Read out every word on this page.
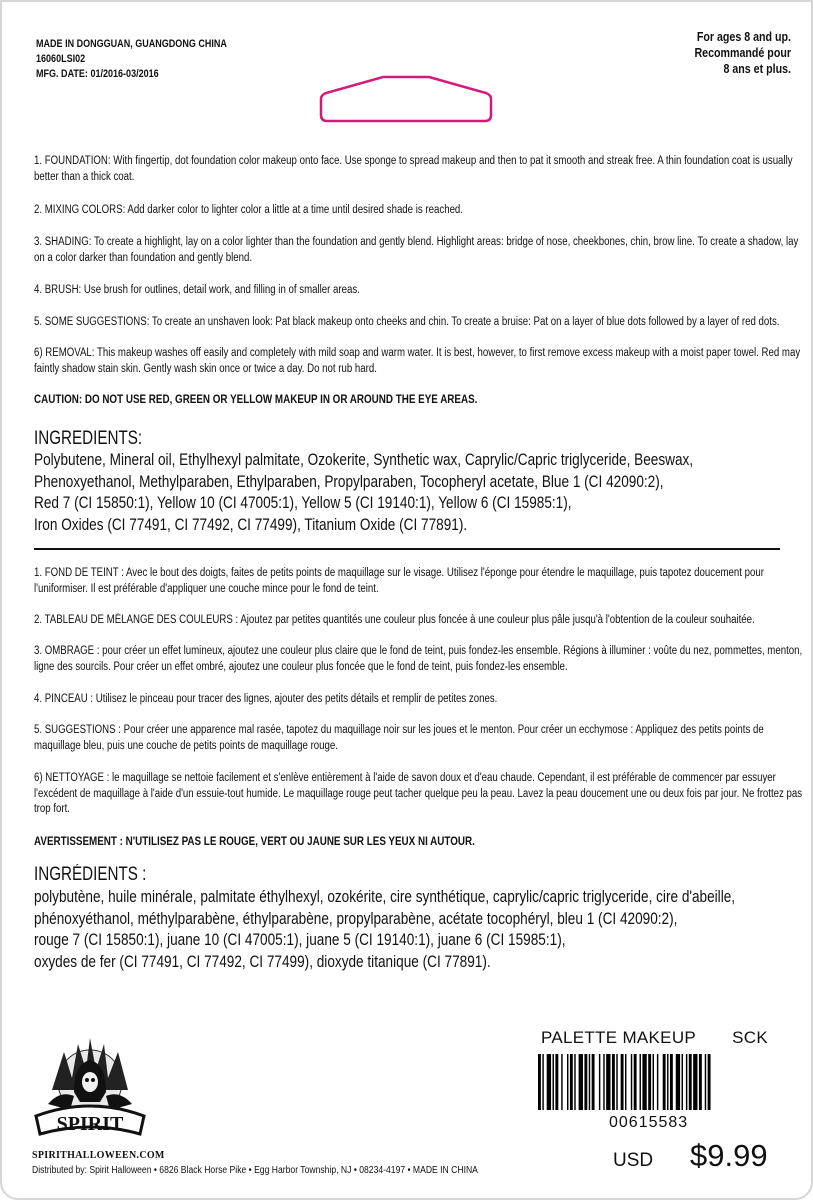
MADE IN DONGGUAN, GUANGDONG CHINA
16060LSI02
MFG. DATE: 01/2016-03/2016
For ages 8 and up.
Recommandé pour
8 ans et plus.
1. FOUNDATION: With fingertip, dot foundation color makeup onto face. Use sponge to spread makeup and then to pat it smooth and streak free. A thin foundation coat is usually better than a thick coat.
2. MIXING COLORS: Add darker color to lighter color a little at a time until desired shade is reached.
3. SHADING: To create a highlight, lay on a color lighter than the foundation and gently blend. Highlight areas: bridge of nose, cheekbones, chin, brow line. To create a shadow, lay on a color darker than foundation and gently blend.
4. BRUSH: Use brush for outlines, detail work, and filling in of smaller areas.
5. SOME SUGGESTIONS: To create an unshaven look: Pat black makeup onto cheeks and chin. To create a bruise: Pat on a layer of blue dots followed by a layer of red dots.
6) REMOVAL: This makeup washes off easily and completely with mild soap and warm water. It is best, however, to first remove excess makeup with a moist paper towel. Red may faintly shadow stain skin. Gently wash skin once or twice a day. Do not rub hard.
CAUTION: DO NOT USE RED, GREEN OR YELLOW MAKEUP IN OR AROUND THE EYE AREAS.
INGREDIENTS:
Polybutene, Mineral oil, Ethylhexyl palmitate, Ozokerite, Synthetic wax, Caprylic/Capric triglyceride, Beeswax,
Phenoxyethanol, Methylparaben, Ethylparaben, Propylparaben, Tocopheryl acetate, Blue 1 (CI 42090:2),
Red 7 (CI 15850:1), Yellow 10 (CI 47005:1), Yellow 5 (CI 19140:1), Yellow 6 (CI 15985:1),
Iron Oxides (CI 77491, CI 77492, CI 77499), Titanium Oxide (CI 77891).
1. FOND DE TEINT : Avec le bout des doigts, faites de petits points de maquillage sur le visage. Utilisez l'éponge pour étendre le maquillage, puis tapotez doucement pour l'uniformiser. Il est préférable d'appliquer une couche mince pour le fond de teint.
2. TABLEAU DE MÉLANGE DES COULEURS : Ajoutez par petites quantités une couleur plus foncée à une couleur plus pâle jusqu'à l'obtention de la couleur souhaitée.
3. OMBRAGE : pour créer un effet lumineux, ajoutez une couleur plus claire que le fond de teint, puis fondez-les ensemble. Régions à illuminer : voûte du nez, pommettes, menton, ligne des sourcils. Pour créer un effet ombré, ajoutez une couleur plus foncée que le fond de teint, puis fondez-les ensemble.
4. PINCEAU : Utilisez le pinceau pour tracer des lignes, ajouter des petits détails et remplir de petites zones.
5. SUGGESTIONS : Pour créer une apparence mal rasée, tapotez du maquillage noir sur les joues et le menton. Pour créer un ecchymose : Appliquez des petits points de maquillage bleu, puis une couche de petits points de maquillage rouge.
6) NETTOYAGE : le maquillage se nettoie facilement et s'enlève entièrement à l'aide de savon doux et d'eau chaude. Cependant, il est préférable de commencer par essuyer l'excédent de maquillage à l'aide d'un essuie-tout humide. Le maquillage rouge peut tacher quelque peu la peau. Lavez la peau doucement une ou deux fois par jour. Ne frottez pas trop fort.
AVERTISSEMENT : N'UTILISEZ PAS LE ROUGE, VERT OU JAUNE SUR LES YEUX NI AUTOUR.
INGRÉDIENTS :
polybutène, huile minérale, palmitate éthylhexyl, ozokérite, cire synthétique, caprylic/capric triglyceride, cire d'abeille,
phénoxyéthanol, méthylparabène, éthylparabène, propylparabène, acétate tocophéryl, bleu 1 (CI 42090:2),
rouge 7 (CI 15850:1), juane 10 (CI 47005:1), juane 5 (CI 19140:1), juane 6 (CI 15985:1),
oxydes de fer (CI 77491, CI 77492, CI 77499), dioxyde titanique (CI 77891).
SPIRIT
SPIRITHALLOWEEN.COM
Distributed by: Spirit Halloween • 6826 Black Horse Pike • Egg Harbor Township, NJ • 08234-4197 • MADE IN CHINA
PALETTE MAKEUP SCK
00615583
USD $9.99
